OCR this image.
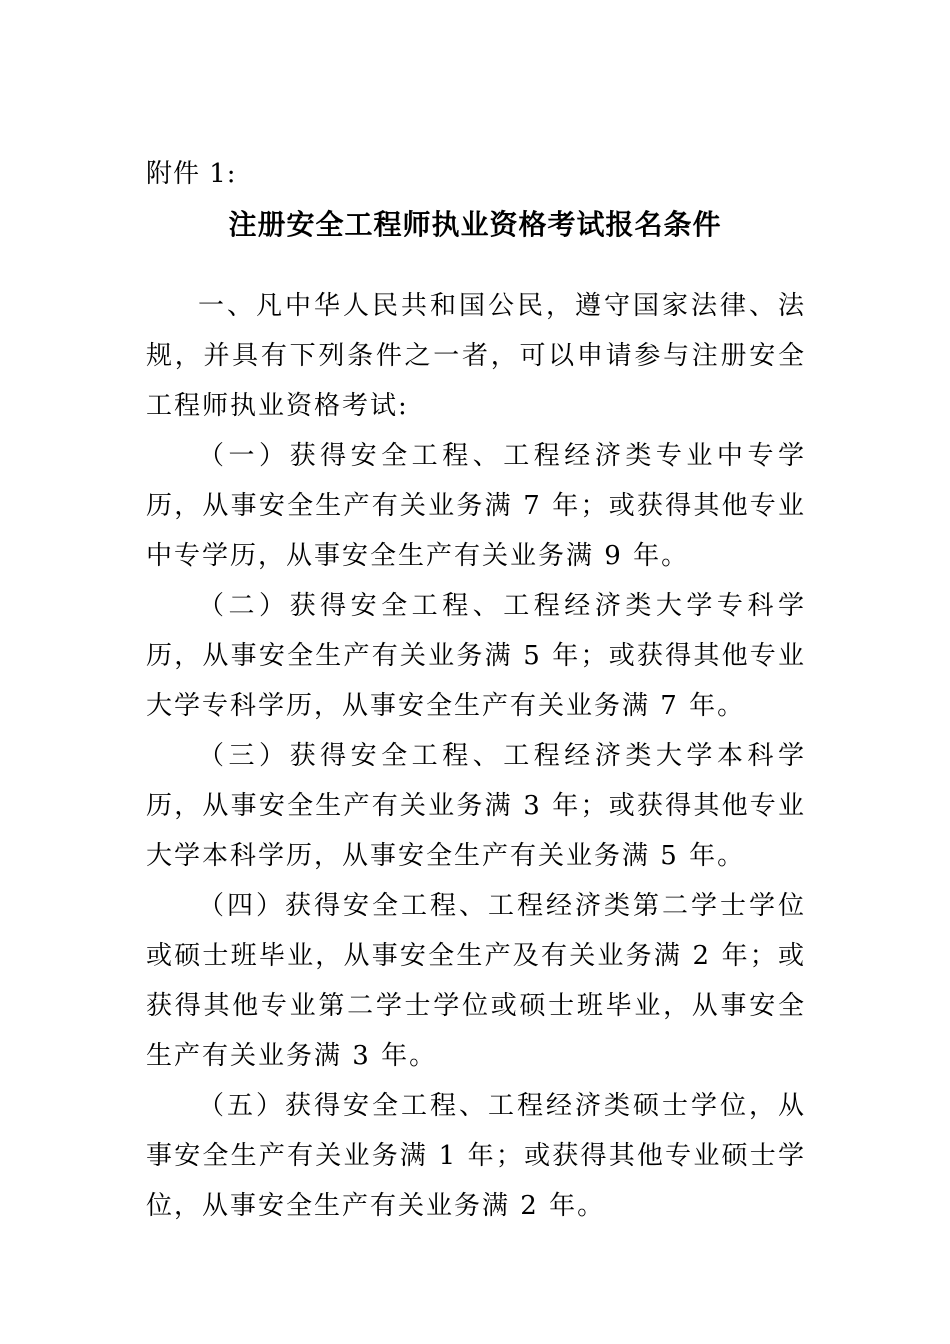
附件 1:
注册安全工程师执业资格考试报名条件

一、凡中华人民共和国公民，遵守国家法律、法规，并具有下列条件之一者，可以申请参与注册安全工程师执业资格考试:

（一）获得安全工程、工程经济类专业中专学历，从事安全生产有关业务满 7 年；或获得其他专业中专学历，从事安全生产有关业务满 9 年。

（二）获得安全工程、工程经济类大学专科学历，从事安全生产有关业务满 5 年；或获得其他专业大学专科学历，从事安全生产有关业务满 7 年。

（三）获得安全工程、工程经济类大学本科学历，从事安全生产有关业务满 3 年；或获得其他专业大学本科学历，从事安全生产有关业务满 5 年。

（四）获得安全工程、工程经济类第二学士学位或硕士班毕业，从事安全生产及有关业务满 2 年；或获得其他专业第二学士学位或硕士班毕业，从事安全生产有关业务满 3 年。

（五）获得安全工程、工程经济类硕士学位，从事安全生产有关业务满 1 年；或获得其他专业硕士学位，从事安全生产有关业务满 2 年。
